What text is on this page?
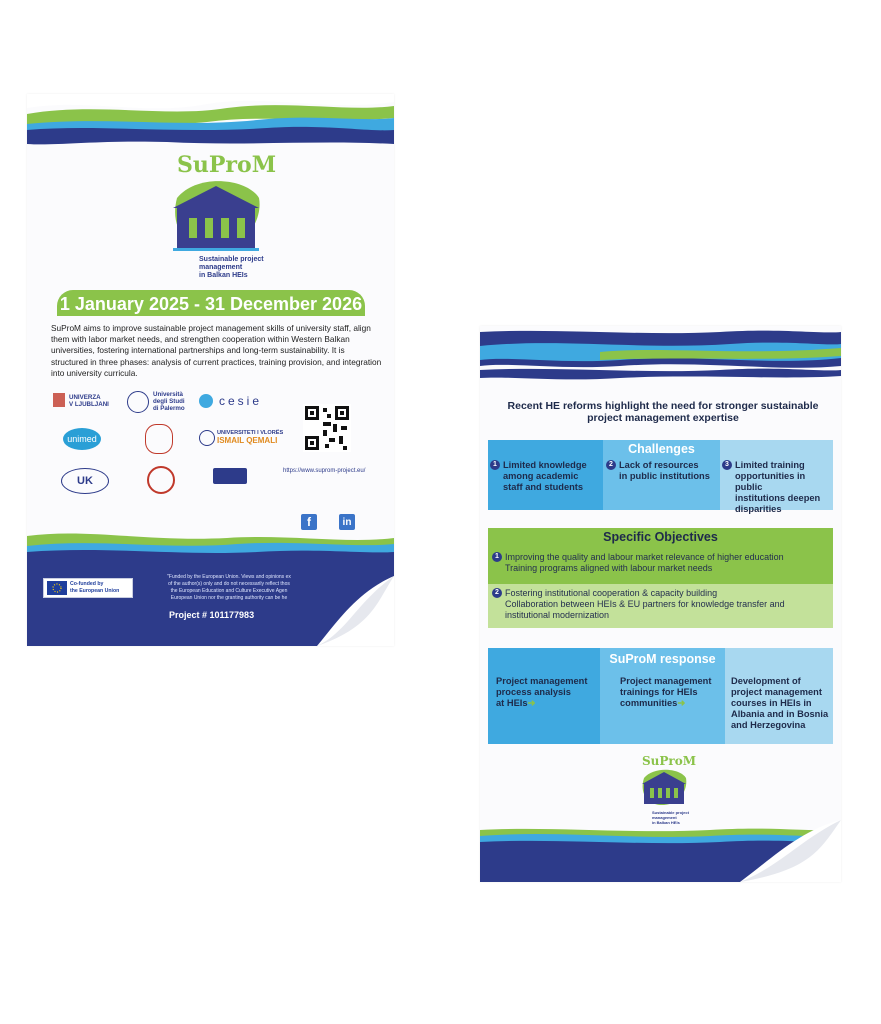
SuProM
Sustainable project
management
in Balkan HEIs
1 January 2025 - 31 December 2026
SuProM aims to improve sustainable project management skills of university staff, align them with labor market needs, and strengthen cooperation within Western Balkan universities, fostering international partnerships and long-term sustainability. It is structured in three phases: analysis of current practices, training provision, and integration into university curricula.
UNIVERZA
V LJUBLJANI
Università
degli Studi
di Palermo
cesie
unimed
UNIVERSITETI I VLORËS
ISMAIL QEMALI
https://www.suprom-project.eu/
UK
f	in
Co-funded by
the European Union
"Funded by the European Union. Views and opinions ex
of the author(s) only and do not necessarily reflect thos
the European Education and Culture Executive Agen
European Union nor the granting authority can be he
Project # 101177983
Recent HE reforms highlight the need for stronger sustainable
project management expertise
Challenges
1 Limited knowledge
among academic
staff and students
2 Lack of resources
in public institutions
3 Limited training
opportunities in public
institutions deepen
disparities
Specific Objectives
1 Improving the quality and labour market relevance of higher education
Training programs aligned with labour market needs
2 Fostering institutional cooperation & capacity building
Collaboration between HEIs & EU partners for knowledge transfer and
institutional modernization
SuProM response
Project management
process analysis
at HEIs➜
Project management
trainings for HEIs
communities➜
Development of
project management
courses in HEIs in
Albania and in Bosnia
and Herzegovina
SuProM
Sustainable project
management
in Balkan HEIs
